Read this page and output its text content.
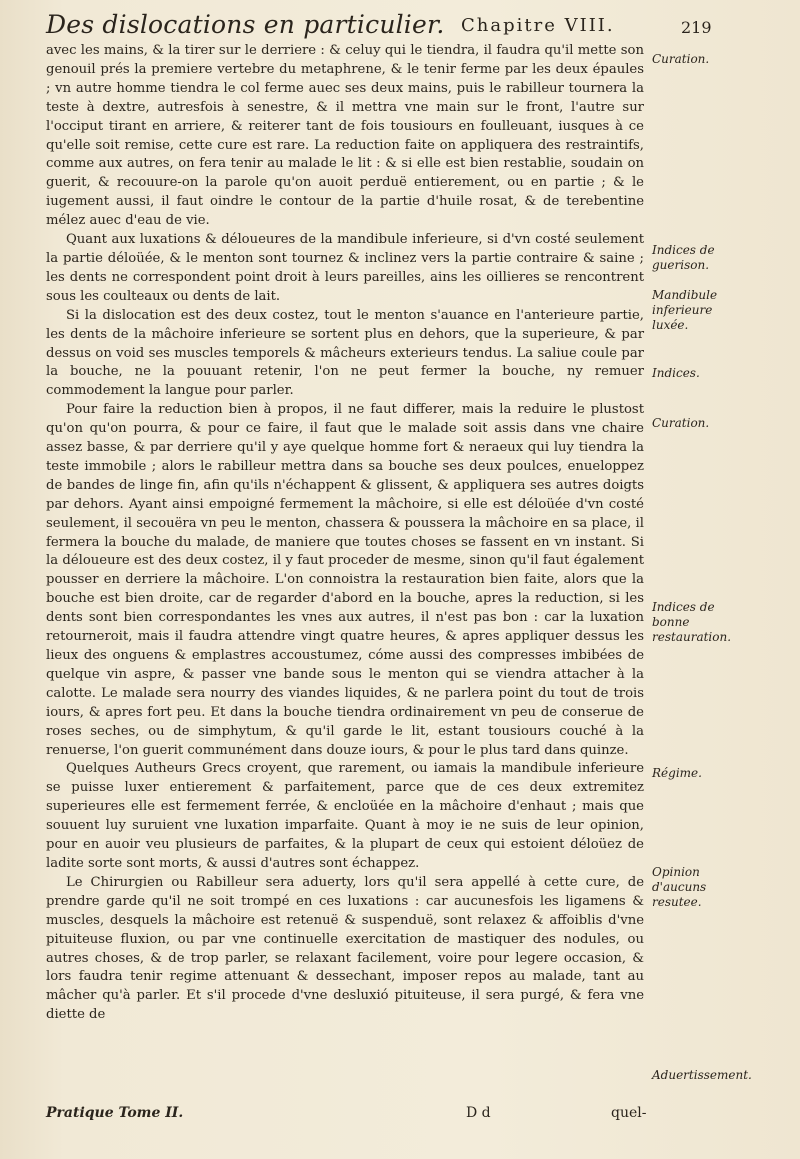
Des dislocations en particulier. Chapitre VIII.	219

avec les mains, & la tirer sur le derriere : & celuy qui le tiendra, il faudra qu'il mette son genouil prés la premiere vertebre du metaphrene, & le tenir ferme par les deux épaules ; vn autre homme tiendra le col ferme auec ses deux mains, puis le rabilleur tournera la teste à dextre, autresfois à senestre, & il mettra vne main sur le front, l'autre sur l'occiput tirant en arriere, & reiterer tant de fois tousiours en foulleuant, iusques à ce qu'elle soit remise, cette cure est rare. La reduction faite on appliquera des restraintifs, comme aux autres, on fera tenir au malade le lit : & si elle est bien restablie, soudain on guerit, & recouure-on la parole qu'on auoit perduë entierement, ou en partie ; & le iugement aussi, il faut oindre le contour de la partie d'huile rosat, & de terebentine mélez auec d'eau de vie.

Quant aux luxations & déloueures de la mandibule inferieure, si d'vn costé seulement la partie déloüée, & le menton sont tournez & inclinez vers la partie contraire & saine ; les dents ne correspondent point droit à leurs pareilles, ains les oillieres se rencontrent sous les coulteaux ou dents de lait.

Si la dislocation est des deux costez, tout le menton s'auance en l'anterieure partie, les dents de la mâchoire inferieure se sortent plus en dehors, que la superieure, & par dessus on void ses muscles temporels & mâcheurs exterieurs tendus. La saliue coule par la bouche, ne la pouuant retenir, l'on ne peut fermer la bouche, ny remuer commodement la langue pour parler.

Pour faire la reduction bien à propos, il ne faut differer, mais la reduire le plustost qu'on qu'on pourra, & pour ce faire, il faut que le malade soit assis dans vne chaire assez basse, & par derriere qu'il y aye quelque homme fort & neraeux qui luy tiendra la teste immobile ; alors le rabilleur mettra dans sa bouche ses deux poulces, enueloppez de bandes de linge fin, afin qu'ils n'échappent & glissent, & appliquera ses autres doigts par dehors. Ayant ainsi empoigné fermement la mâchoire, si elle est déloüée d'vn costé seulement, il secouëra vn peu le menton, chassera & poussera la mâchoire en sa place, il fermera la bouche du malade, de maniere que toutes choses se fassent en vn instant. Si la déloueure est des deux costez, il y faut proceder de mesme, sinon qu'il faut également pousser en derriere la mâchoire. L'on connoistra la restauration bien faite, alors que la bouche est bien droite, car de regarder d'abord en la bouche, apres la reduction, si les dents sont bien correspondantes les vnes aux autres, il n'est pas bon : car la luxation retourneroit, mais il faudra attendre vingt quatre heures, & apres appliquer dessus les lieux des onguens & emplastres accoustumez, cóme aussi des compresses imbibées de quelque vin aspre, & passer vne bande sous le menton qui se viendra attacher à la calotte. Le malade sera nourry des viandes liquides, & ne parlera point du tout de trois iours, & apres fort peu. Et dans la bouche tiendra ordinairement vn peu de conserue de roses seches, ou de simphytum, & qu'il garde le lit, estant tousiours couché à la renuerse, l'on guerit communément dans douze iours, & pour le plus tard dans quinze.

Quelques Autheurs Grecs croyent, que rarement, ou iamais la mandibule inferieure se puisse luxer entierement & parfaitement, parce que de ces deux extremitez superieures elle est fermement ferrée, & encloüée en la mâchoire d'enhaut ; mais que souuent luy suruient vne luxation imparfaite. Quant à moy ie ne suis de leur opinion, pour en auoir veu plusieurs de parfaites, & la plupart de ceux qui estoient déloüez de ladite sorte sont morts, & aussi d'autres sont échappez.

Le Chirurgien ou Rabilleur sera aduerty, lors qu'il sera appellé à cette cure, de prendre garde qu'il ne soit trompé en ces luxations : car aucunesfois les ligamens & muscles, desquels la mâchoire est retenuë & suspenduë, sont relaxez & affoiblis d'vne pituiteuse fluxion, ou par vne continuelle exercitation de mastiquer des nodules, ou autres choses, & de trop parler, se relaxant facilement, voire pour legere occasion, & lors faudra tenir regime attenuant & dessechant, imposer repos au malade, tant au mâcher qu'à parler. Et s'il procede d'vne desluxió pituiteuse, il sera purgé, & fera vne diette de

Curation.
Indices de guerison.
Mandibule inferieure luxée.
Indices.
Curation.
Indices de bonne restauration.
Régime.
Opinion d'aucuns resutee.
Aduertissement.
Pratique Tome II.	D d	quel-
